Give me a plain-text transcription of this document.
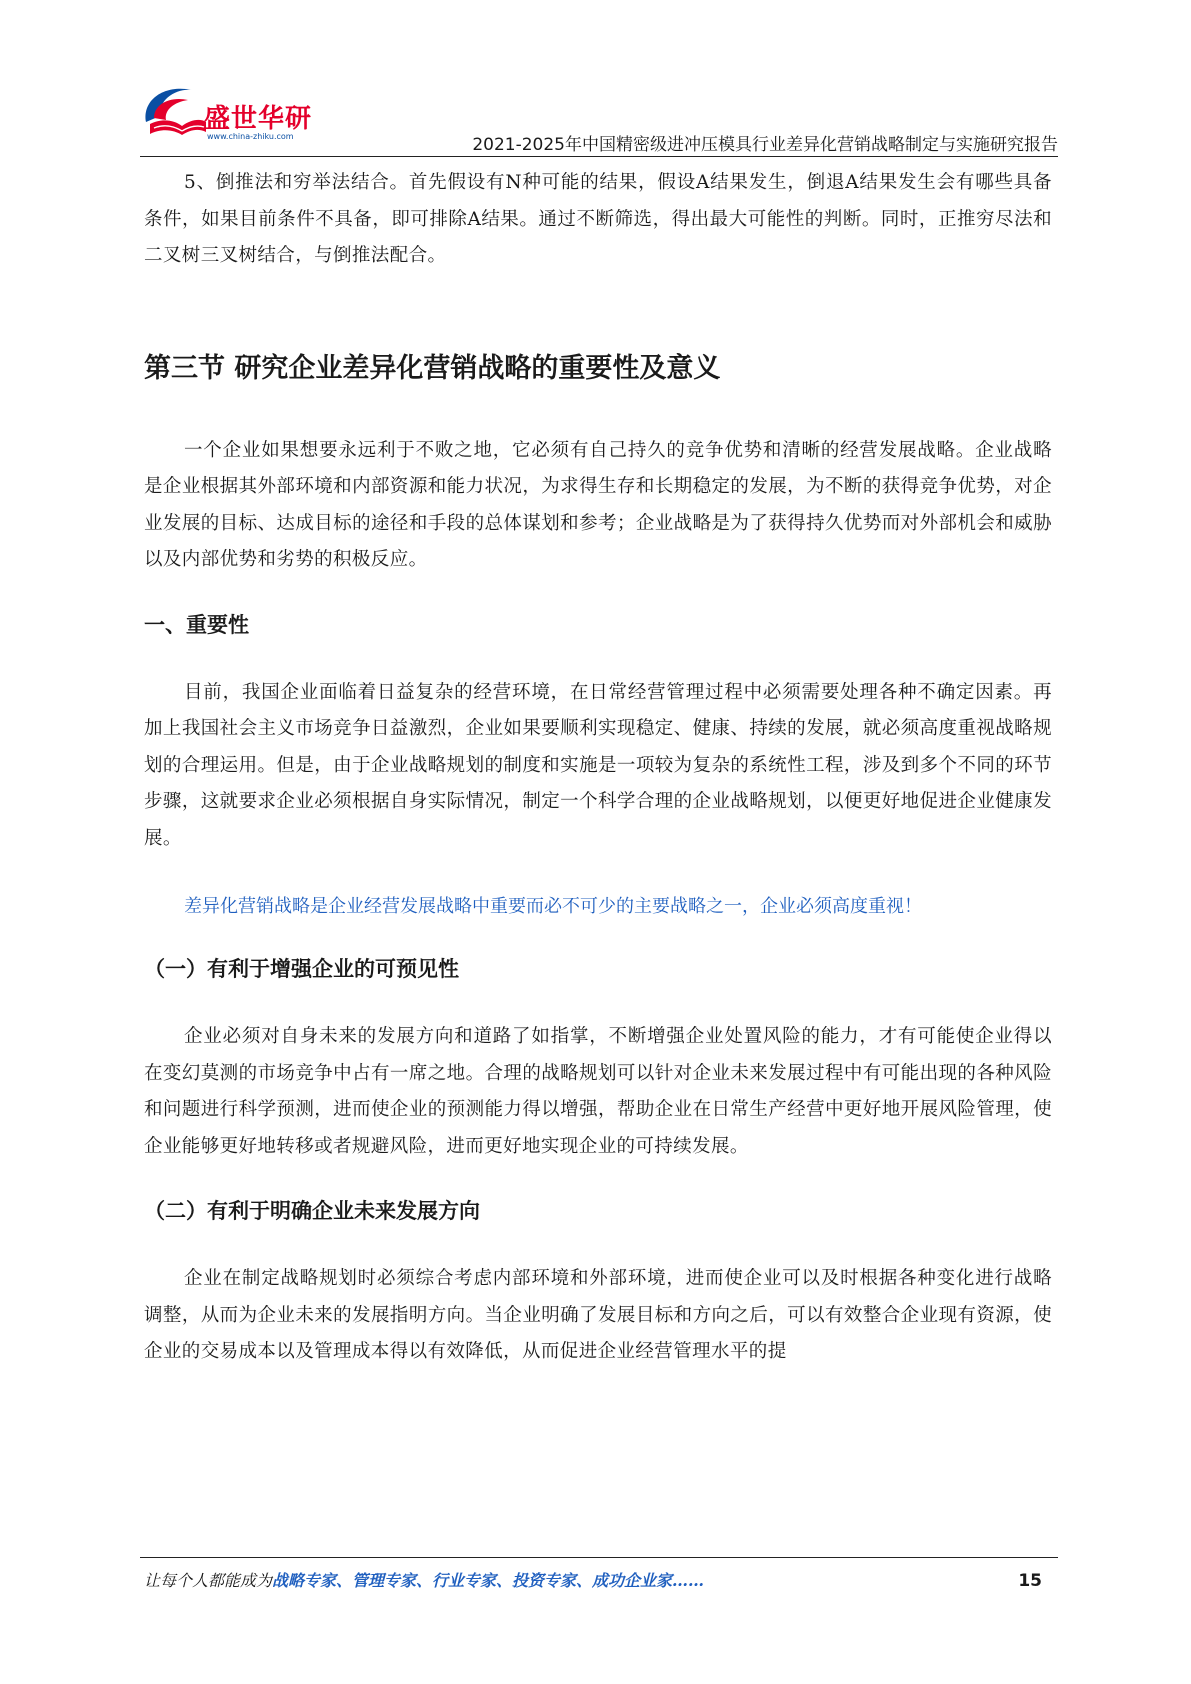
盛世华研
www.china-zhiku.com	2021-2025年中国精密级进冲压模具行业差异化营销战略制定与实施研究报告

5、倒推法和穷举法结合。首先假设有N种可能的结果，假设A结果发生，倒退A结果发生会有哪些具备条件，如果目前条件不具备，即可排除A结果。通过不断筛选，得出最大可能性的判断。同时，正推穷尽法和二叉树三叉树结合，与倒推法配合。

第三节 研究企业差异化营销战略的重要性及意义

一个企业如果想要永远利于不败之地，它必须有自己持久的竞争优势和清晰的经营发展战略。企业战略是企业根据其外部环境和内部资源和能力状况，为求得生存和长期稳定的发展，为不断的获得竞争优势，对企业发展的目标、达成目标的途径和手段的总体谋划和参考；企业战略是为了获得持久优势而对外部机会和威胁以及内部优势和劣势的积极反应。

一、重要性

目前，我国企业面临着日益复杂的经营环境，在日常经营管理过程中必须需要处理各种不确定因素。再加上我国社会主义市场竞争日益激烈，企业如果要顺利实现稳定、健康、持续的发展，就必须高度重视战略规划的合理运用。但是，由于企业战略规划的制度和实施是一项较为复杂的系统性工程，涉及到多个不同的环节步骤，这就要求企业必须根据自身实际情况，制定一个科学合理的企业战略规划，以便更好地促进企业健康发展。

差异化营销战略是企业经营发展战略中重要而必不可少的主要战略之一，企业必须高度重视！

（一）有利于增强企业的可预见性

企业必须对自身未来的发展方向和道路了如指掌，不断增强企业处置风险的能力，才有可能使企业得以在变幻莫测的市场竞争中占有一席之地。合理的战略规划可以针对企业未来发展过程中有可能出现的各种风险和问题进行科学预测，进而使企业的预测能力得以增强，帮助企业在日常生产经营中更好地开展风险管理，使企业能够更好地转移或者规避风险，进而更好地实现企业的可持续发展。

（二）有利于明确企业未来发展方向

企业在制定战略规划时必须综合考虑内部环境和外部环境，进而使企业可以及时根据各种变化进行战略调整，从而为企业未来的发展指明方向。当企业明确了发展目标和方向之后，可以有效整合企业现有资源，使企业的交易成本以及管理成本得以有效降低，从而促进企业经营管理水平的提

让每个人都能成为战略专家、管理专家、行业专家、投资专家、成功企业家……	15
